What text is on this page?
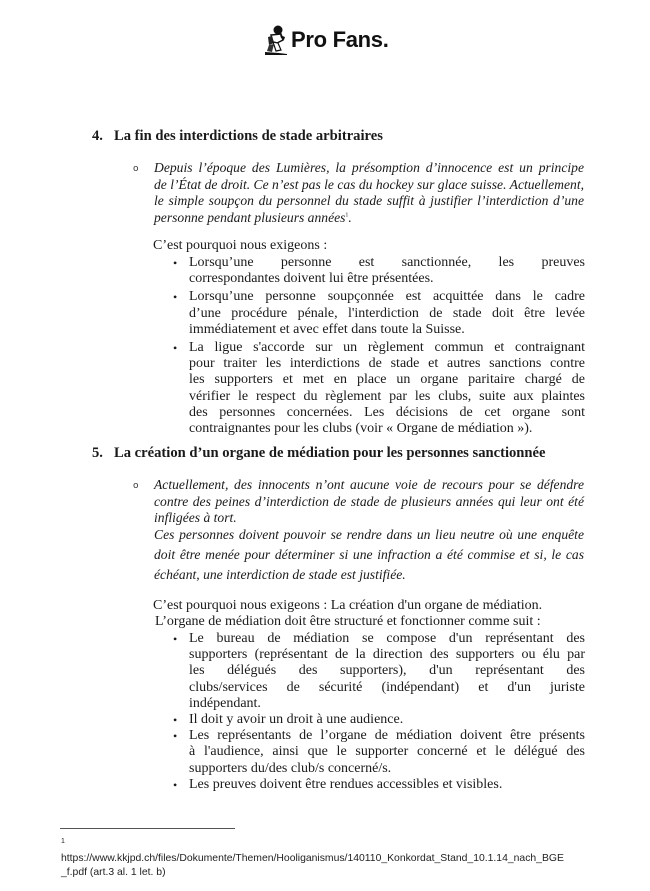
Pro Fans.
4. La fin des interdictions de stade arbitraires
o Depuis l’époque des Lumières, la présomption d’innocence est un principe
de l’État de droit. Ce n’est pas le cas du hockey sur glace suisse. Actuellement,
le simple soupçon du personnel du stade suffit à justifier l’interdiction d’une
personne pendant plusieurs années$^1$.
C’est pourquoi nous exigeons :
• Lorsqu’une personne est sanctionnée, les preuves
correspondantes doivent lui être présentées.
• Lorsqu’une personne soupçonnée est acquittée dans le cadre
d’une procédure pénale, l'interdiction de stade doit être levée
immédiatement et avec effet dans toute la Suisse.
• La ligue s'accorde sur un règlement commun et contraignant
pour traiter les interdictions de stade et autres sanctions contre
les supporters et met en place un organe paritaire chargé de
vérifier le respect du règlement par les clubs, suite aux plaintes
des personnes concernées. Les décisions de cet organe sont
contraignantes pour les clubs (voir « Organe de médiation »).
5. La création d’un organe de médiation pour les personnes sanctionnée
o Actuellement, des innocents n’ont aucune voie de recours pour se défendre
contre des peines d’interdiction de stade de plusieurs années qui leur ont été
infligées à tort.
Ces personnes doivent pouvoir se rendre dans un lieu neutre où une enquête
doit être menée pour déterminer si une infraction a été commise et si, le cas
échéant, une interdiction de stade est justifiée.
C’est pourquoi nous exigeons : La création d'un organe de médiation.
L’organe de médiation doit être structuré et fonctionner comme suit :
• Le bureau de médiation se compose d'un représentant des
supporters (représentant de la direction des supporters ou élu par
les délégués des supporters), d'un représentant des
clubs/services de sécurité (indépendant) et d'un juriste
indépendant.
• Il doit y avoir un droit à une audience.
• Les représentants de l’organe de médiation doivent être présents
à l'audience, ainsi que le supporter concerné et le délégué des
supporters du/des club/s concerné/s.
• Les preuves doivent être rendues accessibles et visibles.
1
https://www.kkjpd.ch/files/Dokumente/Themen/Hooliganismus/140110_Konkordat_Stand_10.1.14_nach_BGE
_f.pdf (art.3 al. 1 let. b)
